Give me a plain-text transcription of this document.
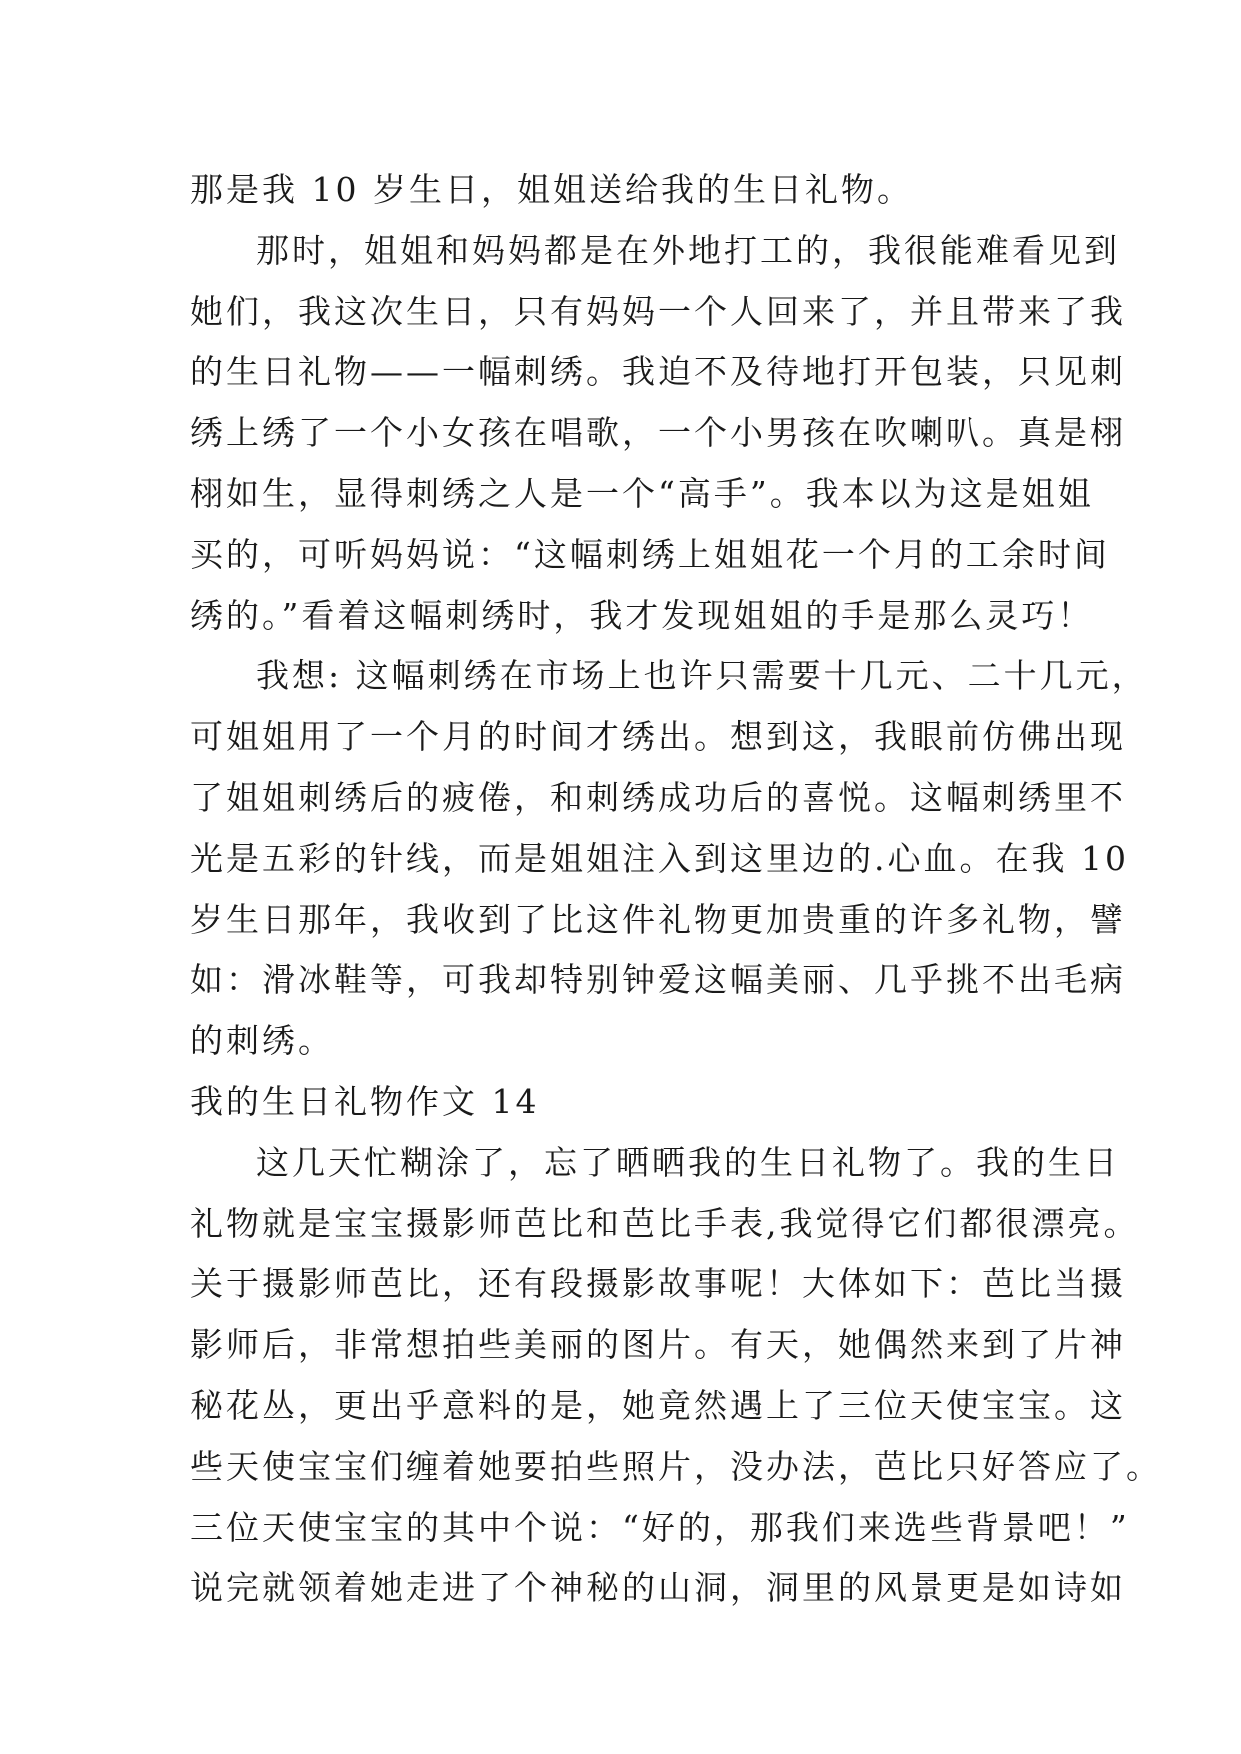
那是我 10 岁生日，姐姐送给我的生日礼物。
那时，姐姐和妈妈都是在外地打工的，我很能难看见到
她们，我这次生日，只有妈妈一个人回来了，并且带来了我
的生日礼物——一幅刺绣。我迫不及待地打开包装，只见刺
绣上绣了一个小女孩在唱歌，一个小男孩在吹喇叭。真是栩
栩如生，显得刺绣之人是一个“高手”。我本以为这是姐姐
买的，可听妈妈说：“这幅刺绣上姐姐花一个月的工余时间
绣的。”看着这幅刺绣时，我才发现姐姐的手是那么灵巧！
我想: 这幅刺绣在市场上也许只需要十几元、二十几元，
可姐姐用了一个月的时间才绣出。想到这，我眼前仿佛出现
了姐姐刺绣后的疲倦，和刺绣成功后的喜悦。这幅刺绣里不
光是五彩的针线，而是姐姐注入到这里边的.心血。在我 10
岁生日那年，我收到了比这件礼物更加贵重的许多礼物，譬
如：滑冰鞋等，可我却特别钟爱这幅美丽、几乎挑不出毛病
的刺绣。
我的生日礼物作文 14
这几天忙糊涂了，忘了晒晒我的生日礼物了。我的生日
礼物就是宝宝摄影师芭比和芭比手表,我觉得它们都很漂亮。
关于摄影师芭比，还有段摄影故事呢！大体如下：芭比当摄
影师后，非常想拍些美丽的图片。有天，她偶然来到了片神
秘花丛，更出乎意料的是，她竟然遇上了三位天使宝宝。这
些天使宝宝们缠着她要拍些照片，没办法，芭比只好答应了。
三位天使宝宝的其中个说：“好的，那我们来选些背景吧！”
说完就领着她走进了个神秘的山洞，洞里的风景更是如诗如
